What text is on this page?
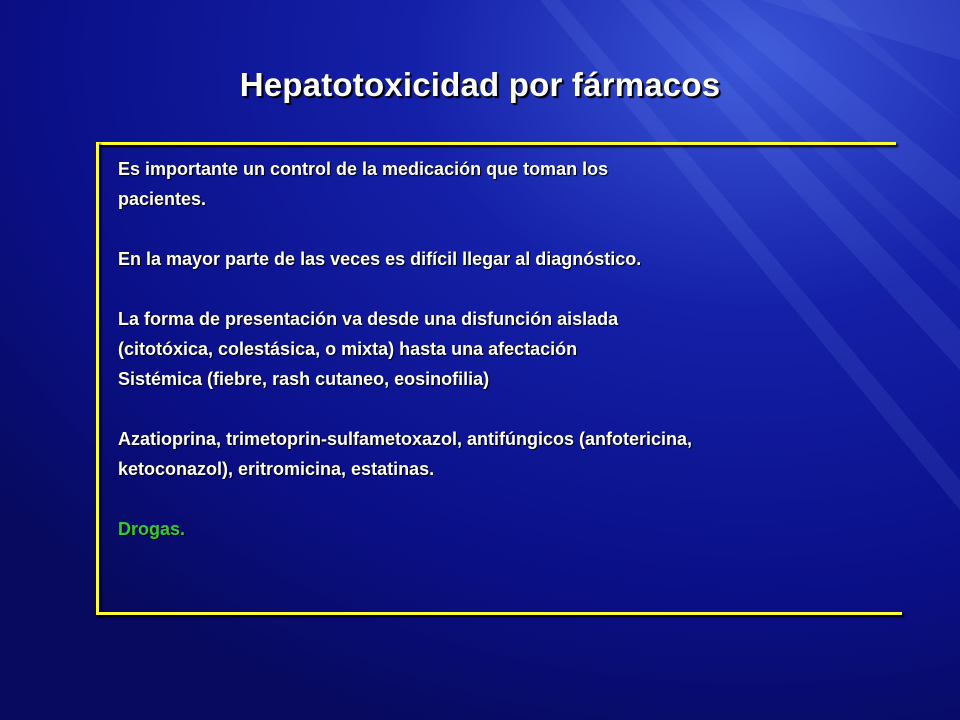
Hepatotoxicidad por fármacos
Es importante un control de la medicación que toman los
pacientes.
En la mayor parte de las veces es difícil llegar al diagnóstico.
La forma de presentación va desde una disfunción aislada
(citotóxica, colestásica, o mixta) hasta una afectación
Sistémica (fiebre, rash cutaneo, eosinofilia)
Azatioprina, trimetoprin-sulfametoxazol, antifúngicos (anfotericina,
ketoconazol), eritromicina, estatinas.
Drogas.
